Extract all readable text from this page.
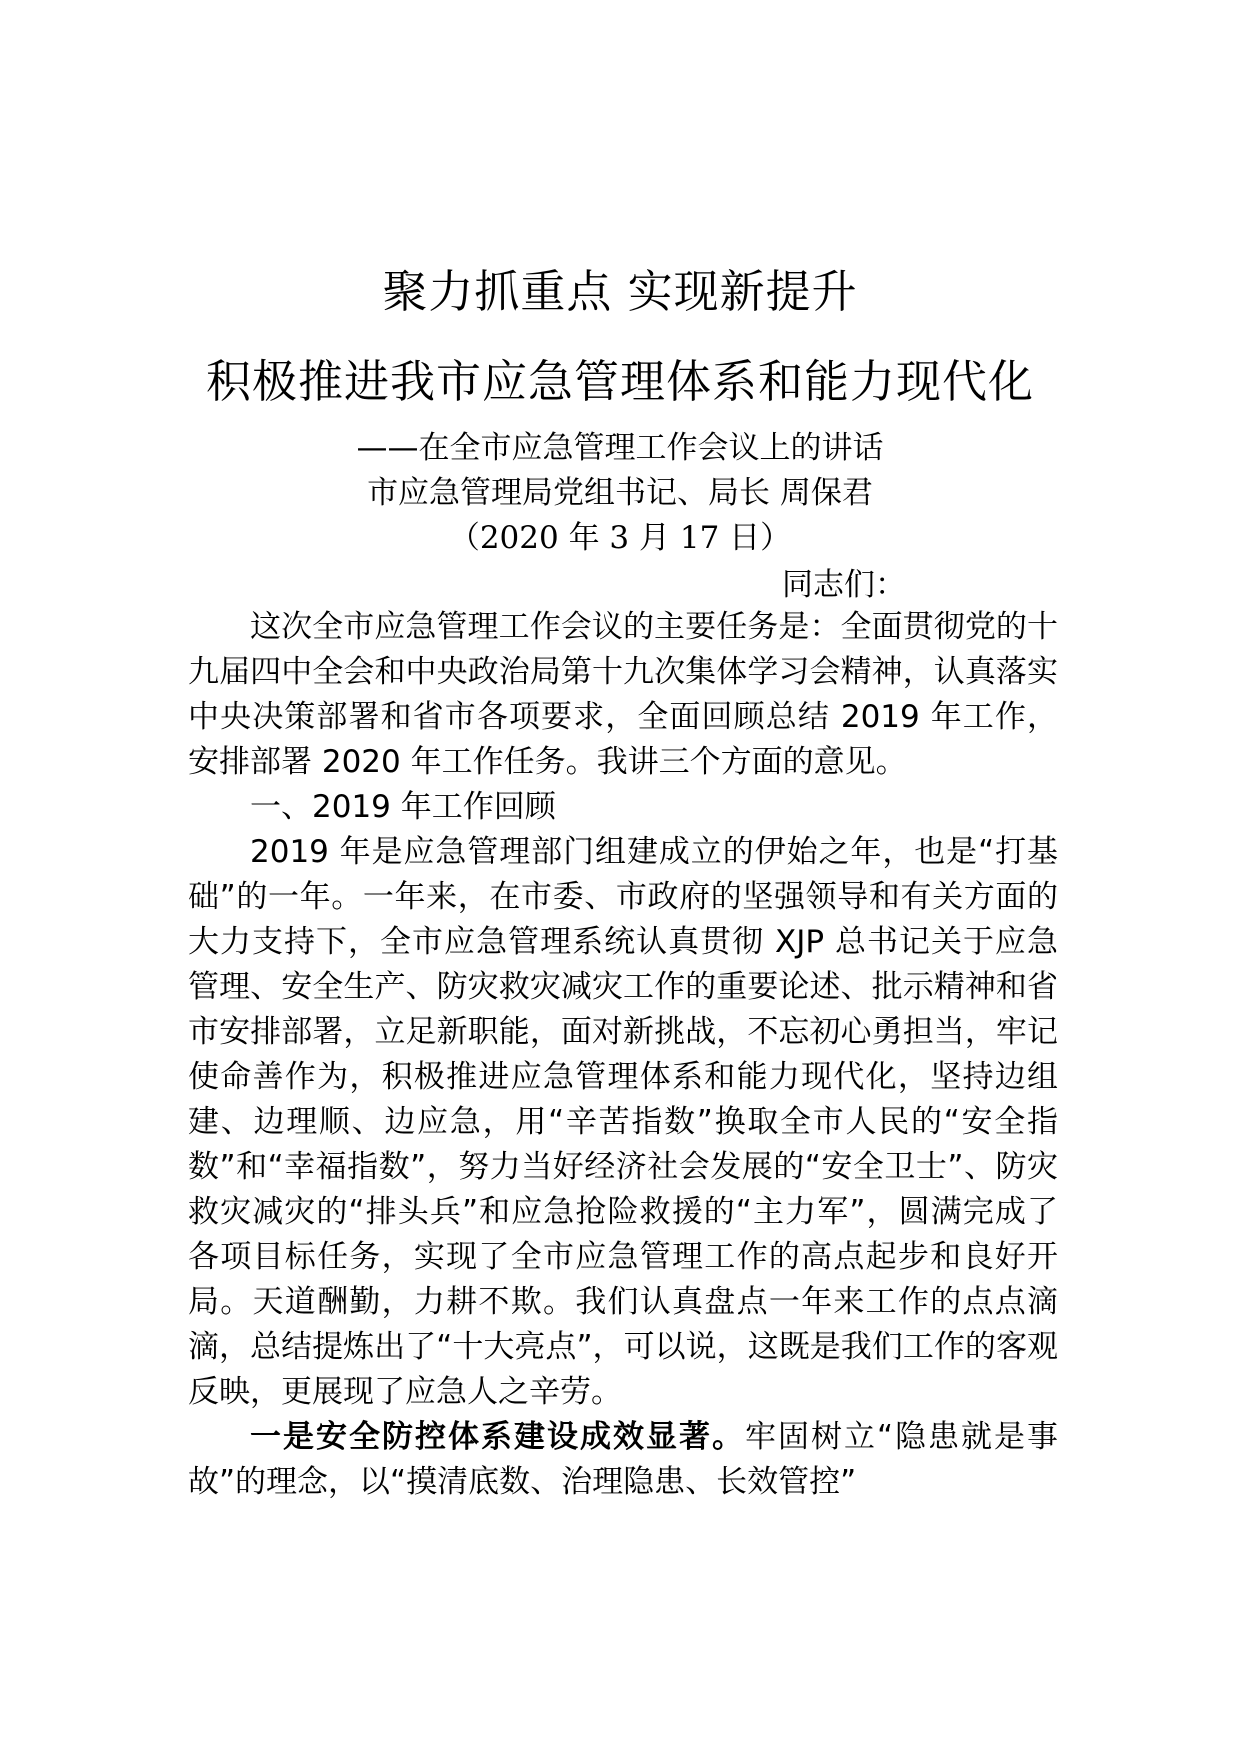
聚力抓重点 实现新提升
积极推进我市应急管理体系和能力现代化
——在全市应急管理工作会议上的讲话
市应急管理局党组书记、局长 周保君
（2020 年 3 月 17 日）
同志们：

这次全市应急管理工作会议的主要任务是：全面贯彻党的十九届四中全会和中央政治局第十九次集体学习会精神，认真落实中央决策部署和省市各项要求，全面回顾总结 2019 年工作，安排部署 2020 年工作任务。我讲三个方面的意见。

一、2019 年工作回顾

2019 年是应急管理部门组建成立的伊始之年，也是“打基础”的一年。一年来，在市委、市政府的坚强领导和有关方面的大力支持下，全市应急管理系统认真贯彻 XJP 总书记关于应急管理、安全生产、防灾救灾减灾工作的重要论述、批示精神和省市安排部署，立足新职能，面对新挑战，不忘初心勇担当，牢记使命善作为，积极推进应急管理体系和能力现代化，坚持边组建、边理顺、边应急，用“辛苦指数”换取全市人民的“安全指数”和“幸福指数”，努力当好经济社会发展的“安全卫士”、防灾救灾减灾的“排头兵”和应急抢险救援的“主力军”，圆满完成了各项目标任务，实现了全市应急管理工作的高点起步和良好开局。天道酬勤，力耕不欺。我们认真盘点一年来工作的点点滴滴，总结提炼出了“十大亮点”，可以说，这既是我们工作的客观反映，更展现了应急人之辛劳。

一是安全防控体系建设成效显著。牢固树立“隐患就是事故”的理念，以“摸清底数、治理隐患、长效管控”
